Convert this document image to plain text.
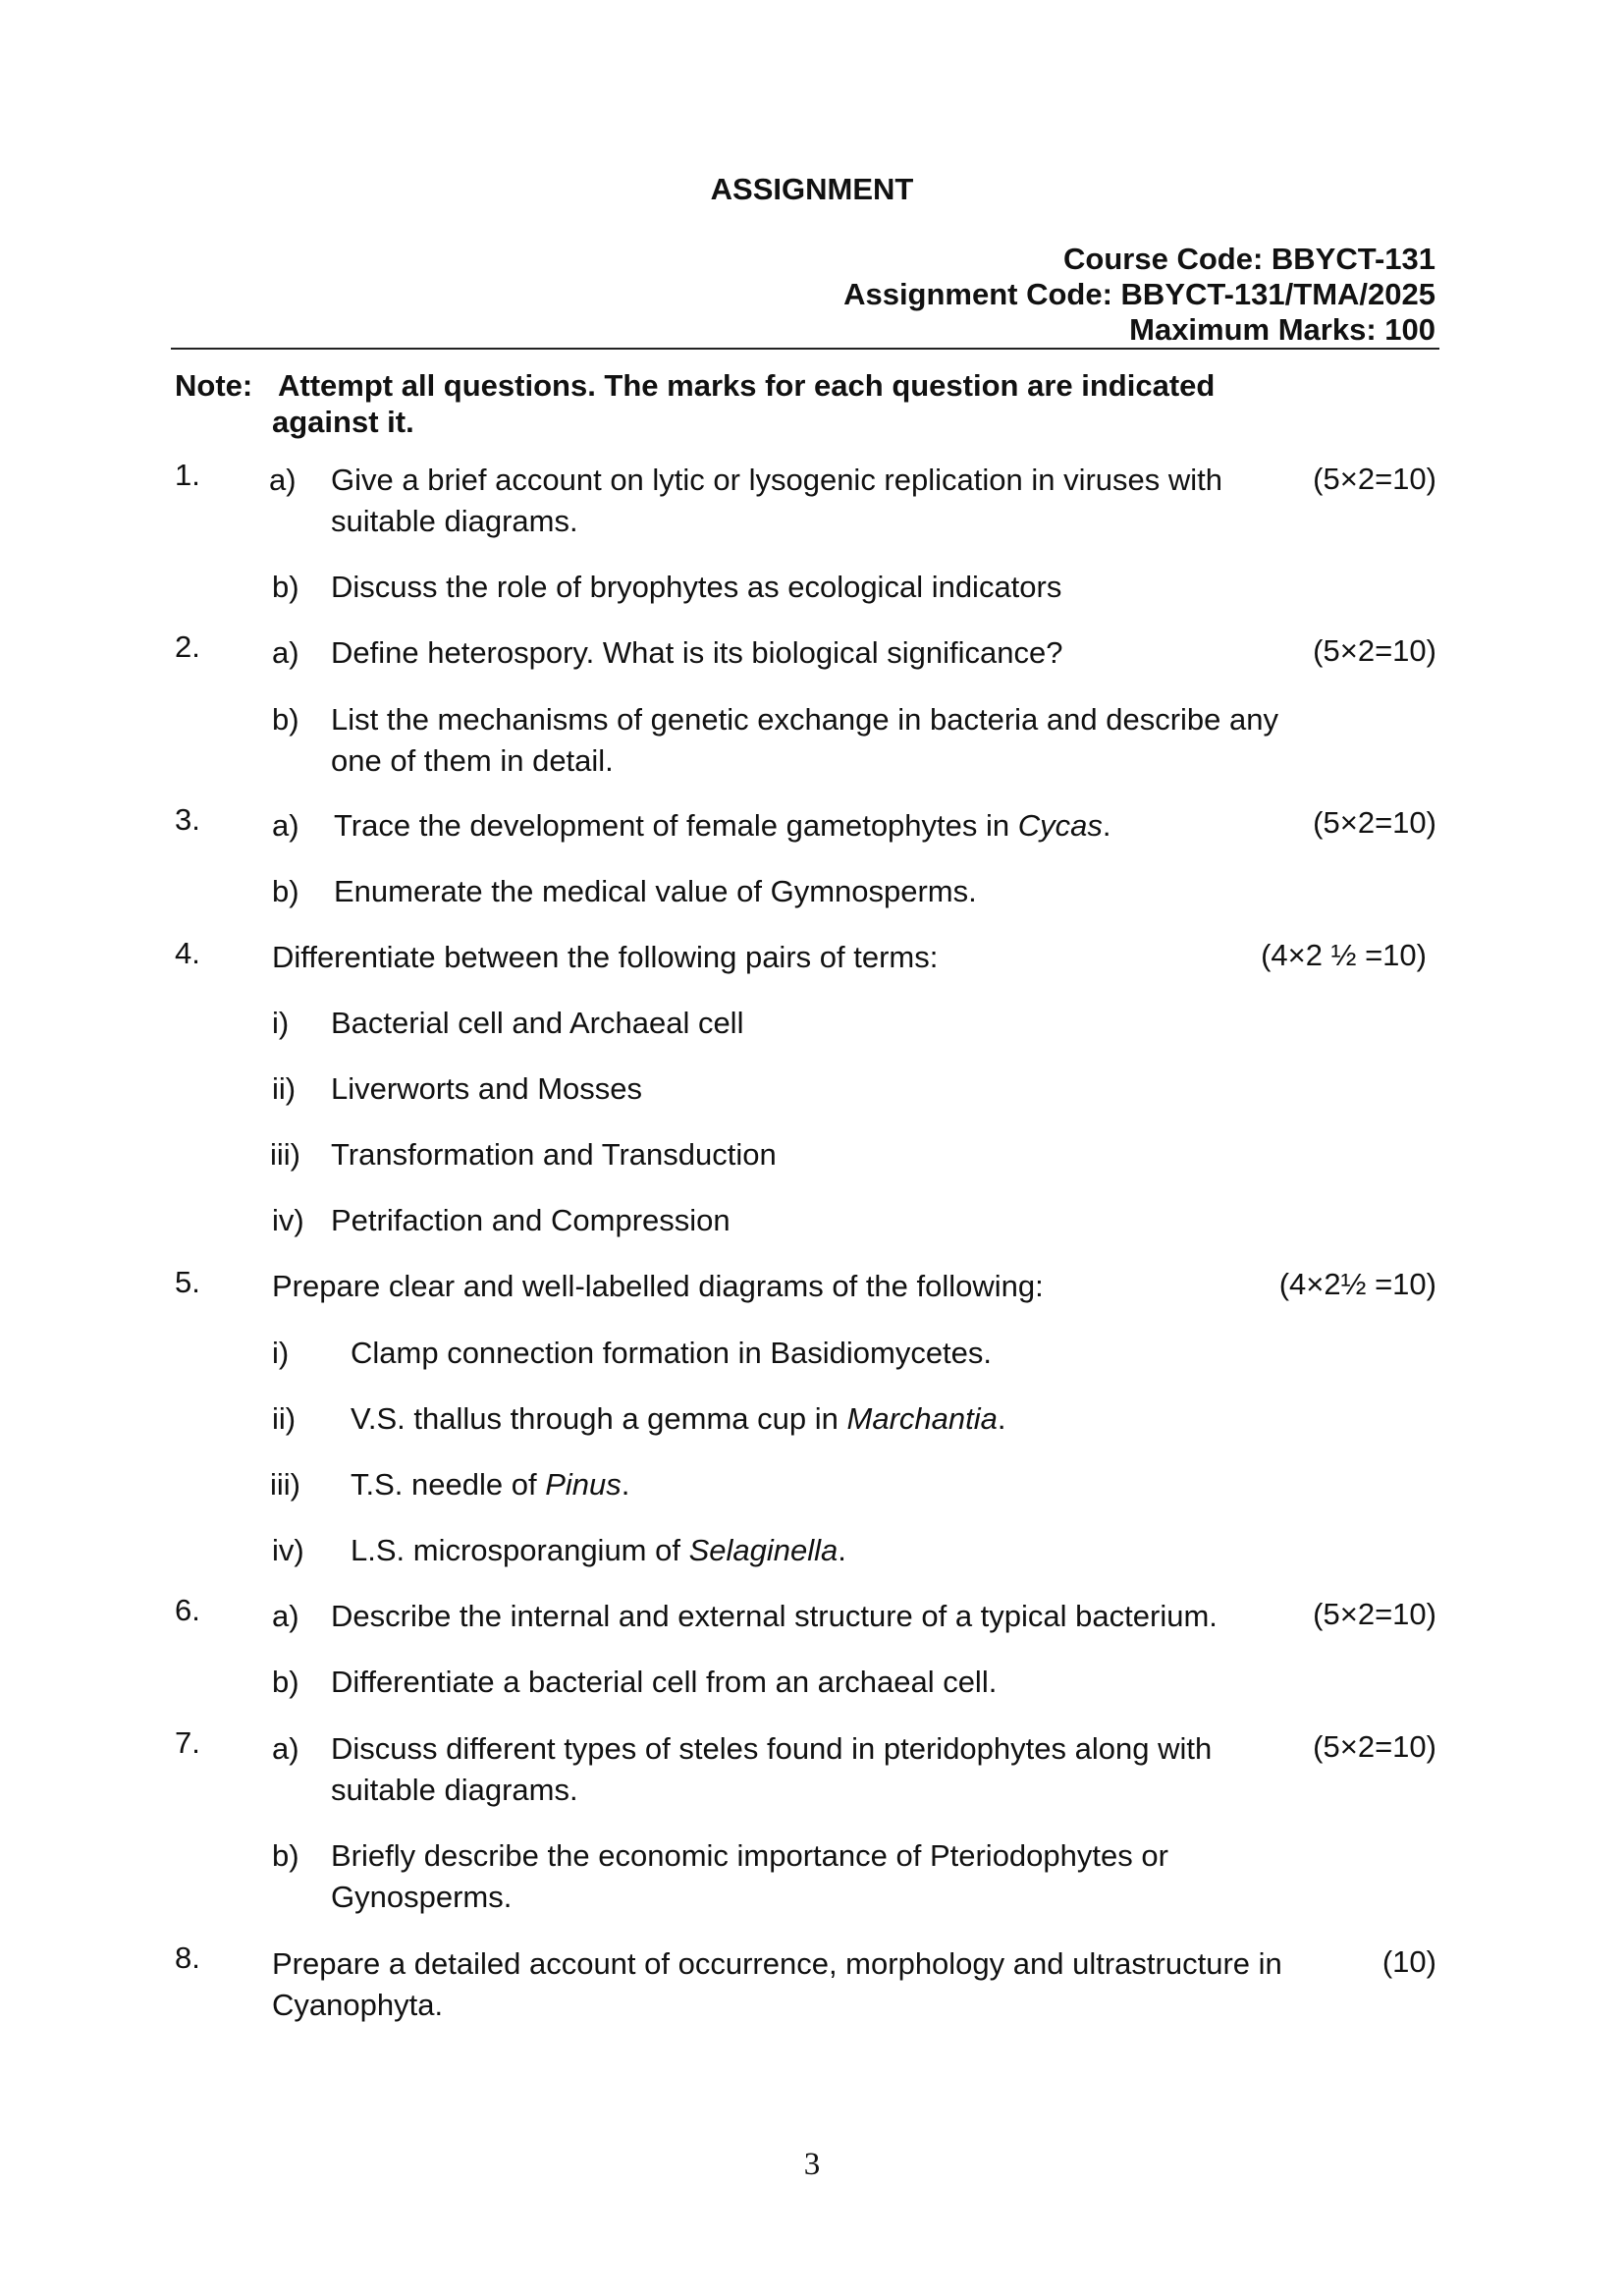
ASSIGNMENT
Course Code: BBYCT-131
Assignment Code: BBYCT-131/TMA/2025
Maximum Marks: 100
Note: Attempt all questions. The marks for each question are indicated
against it.
1. a) Give a brief account on lytic or lysogenic replication in viruses with
suitable diagrams.
(5×2=10)
b) Discuss the role of bryophytes as ecological indicators
2. a) Define heterospory. What is its biological significance?	(5×2=10)
b) List the mechanisms of genetic exchange in bacteria and describe any
one of them in detail.
3. a) Trace the development of female gametophytes in Cycas.	(5×2=10)
b) Enumerate the medical value of Gymnosperms.
4. Differentiate between the following pairs of terms:	(4×2 ½ =10)
i) Bacterial cell and Archaeal cell
ii) Liverworts and Mosses
iii) Transformation and Transduction
iv) Petrifaction and Compression
5. Prepare clear and well-labelled diagrams of the following:	(4×2½ =10)
i) Clamp connection formation in Basidiomycetes.
ii) V.S. thallus through a gemma cup in Marchantia.
iii) T.S. needle of Pinus.
iv) L.S. microsporangium of Selaginella.
6. a) Describe the internal and external structure of a typical bacterium.	(5×2=10)
b) Differentiate a bacterial cell from an archaeal cell.
7. a) Discuss different types of steles found in pteridophytes along with
suitable diagrams.
(5×2=10)
b) Briefly describe the economic importance of Pteriodophytes or
Gynosperms.
8. Prepare a detailed account of occurrence, morphology and ultrastructure in
Cyanophyta.
(10)
3
